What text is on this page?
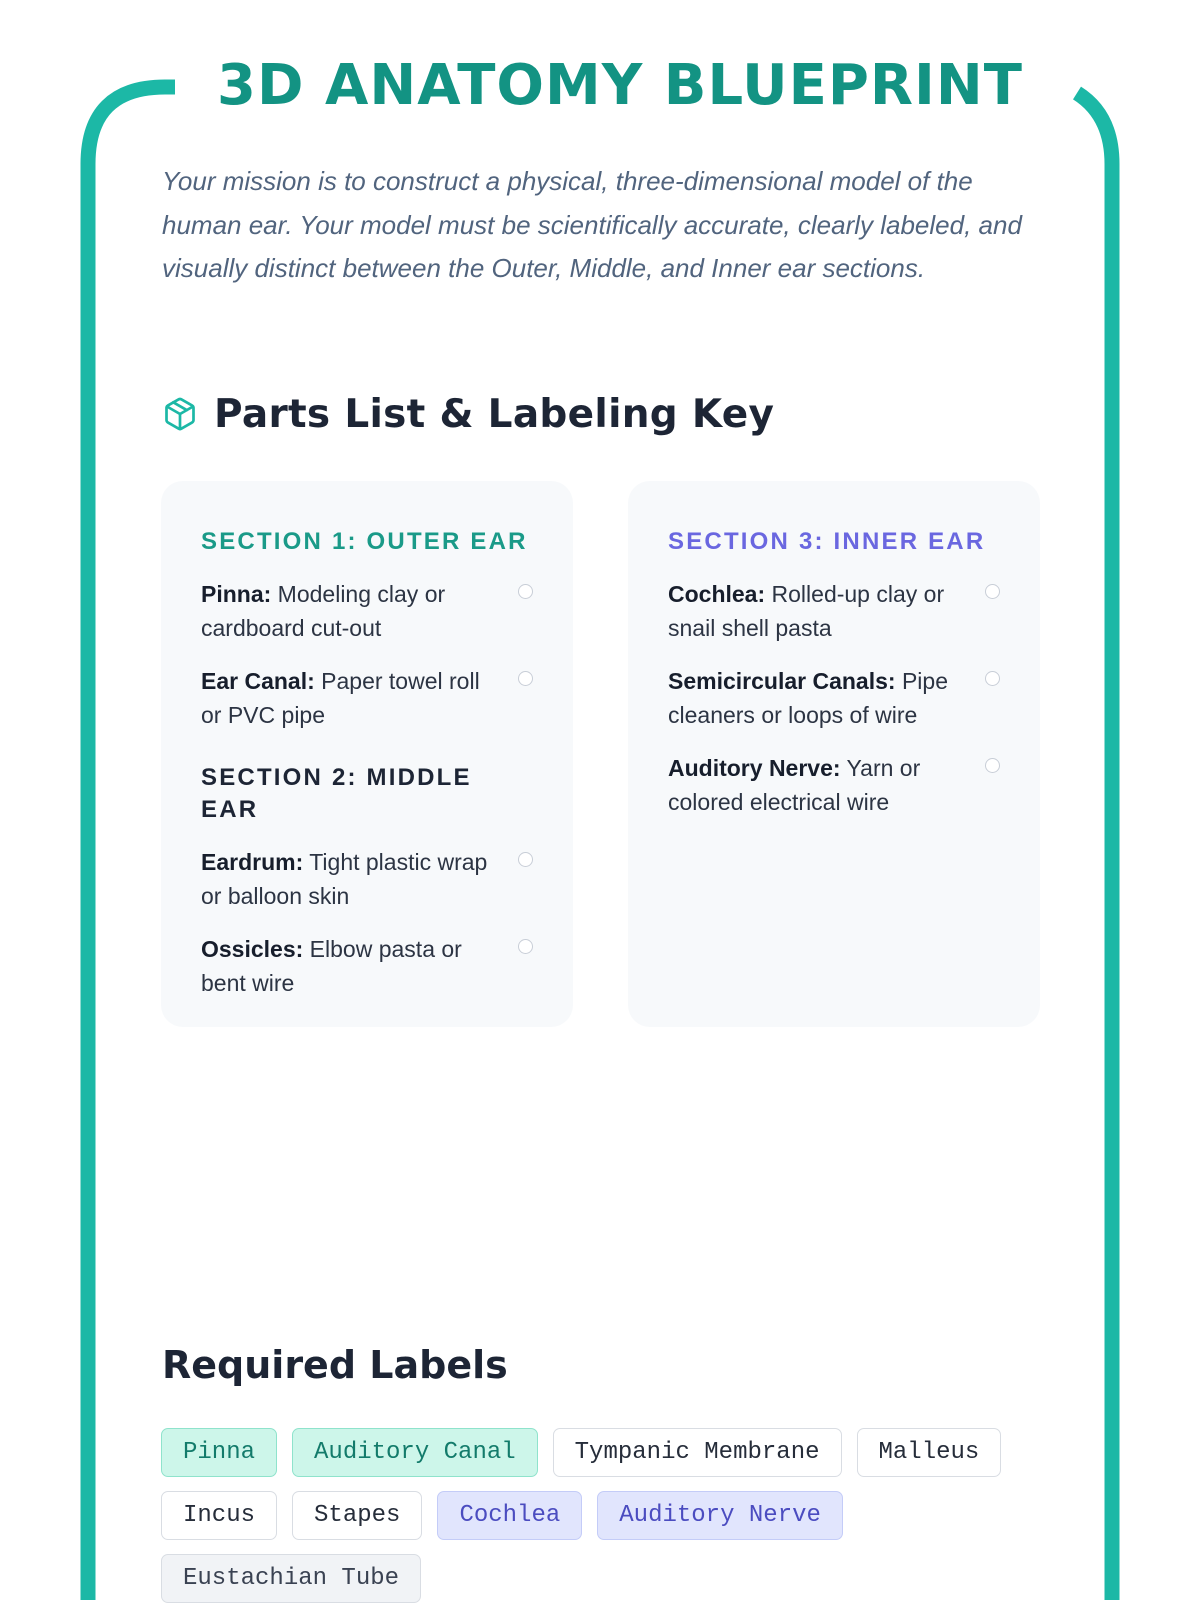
3D ANATOMY BLUEPRINT

Your mission is to construct a physical, three-dimensional model of the human ear. Your model must be scientifically accurate, clearly labeled, and visually distinct between the Outer, Middle, and Inner ear sections.

Parts List & Labeling Key
SECTION 1: OUTER EAR
Pinna: Modeling clay or cardboard cut-out
Ear Canal: Paper towel roll or PVC pipe
SECTION 2: MIDDLE EAR
Eardrum: Tight plastic wrap or balloon skin
Ossicles: Elbow pasta or bent wire
SECTION 3: INNER EAR
Cochlea: Rolled-up clay or snail shell pasta
Semicircular Canals: Pipe cleaners or loops of wire
Auditory Nerve: Yarn or colored electrical wire
Required Labels
Pinna	Auditory Canal	Tympanic Membrane	Malleus
Incus	Stapes	Cochlea	Auditory Nerve
Eustachian Tube
